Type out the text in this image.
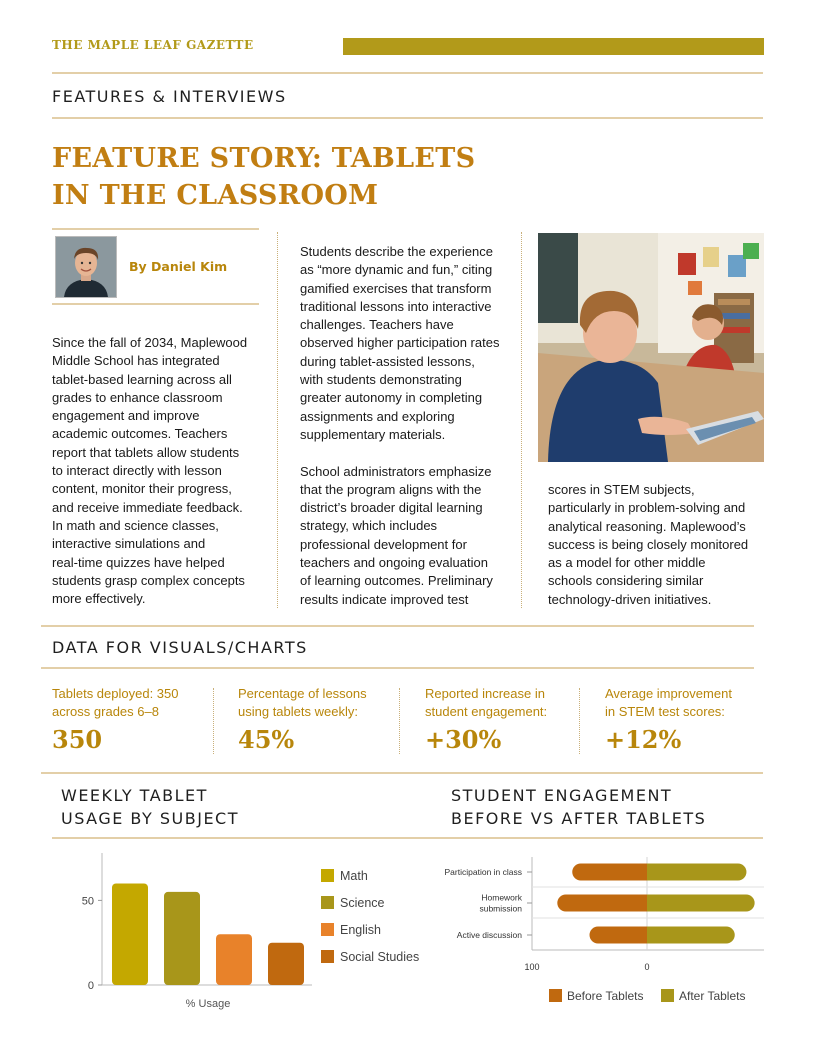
THE MAPLE LEAF GAZETTE
FEATURES & INTERVIEWS
FEATURE STORY: TABLETS
IN THE CLASSROOM
By Daniel Kim
Since the fall of 2034, Maplewood
Middle School has integrated
tablet-based learning across all
grades to enhance classroom
engagement and improve
academic outcomes. Teachers
report that tablets allow students
to interact directly with lesson
content, monitor their progress,
and receive immediate feedback.
In math and science classes,
interactive simulations and
real-time quizzes have helped
students grasp complex concepts
more effectively.
Students describe the experience
as “more dynamic and fun,” citing
gamified exercises that transform
traditional lessons into interactive
challenges. Teachers have
observed higher participation rates
during tablet-assisted lessons,
with students demonstrating
greater autonomy in completing
assignments and exploring
supplementary materials.
School administrators emphasize
that the program aligns with the
district’s broader digital learning
strategy, which includes
professional development for
teachers and ongoing evaluation
of learning outcomes. Preliminary
results indicate improved test
scores in STEM subjects,
particularly in problem-solving and
analytical reasoning. Maplewood’s
success is being closely monitored
as a model for other middle
schools considering similar
technology-driven initiatives.
DATA FOR VISUALS/CHARTS
Tablets deployed: 350
across grades 6–8
350
Percentage of lessons
using tablets weekly:
45%
Reported increase in
student engagement:
+30%
Average improvement
in STEM test scores:
+12%
WEEKLY TABLET
USAGE BY SUBJECT
STUDENT ENGAGEMENT
BEFORE VS AFTER TABLETS
0
50
% Usage
Math
Science
English
Social Studies
Participation in class
Homework
submission
Active discussion
100	0
Before Tablets	After Tablets
